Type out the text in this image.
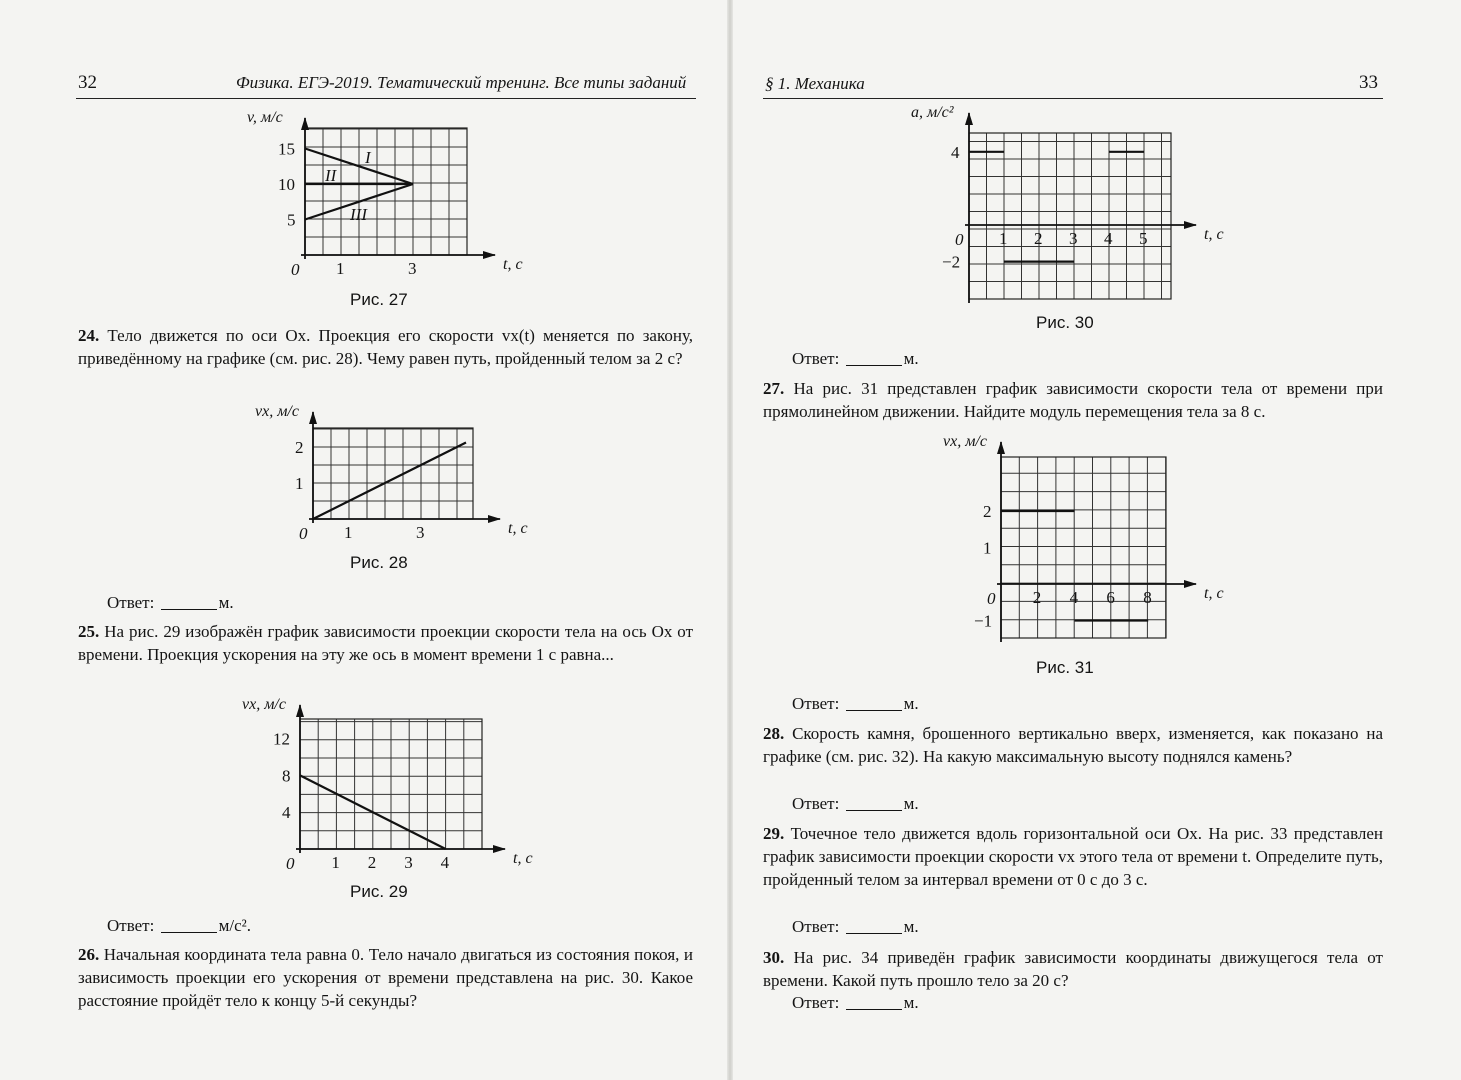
32	Физика. ЕГЭ-2019. Тематический тренинг. Все типы заданий
v, м/с
t, с
0 1	3
5
10
15	I
II
III
Рис. 27
24. Тело движется по оси Ox. Проекция его скорости vx(t) меняется по закону, приведённому на графике (см. рис. 28). Чему равен путь, пройденный телом за 2 с?
vx, м/с
t, с
0 1	3
1
2
Рис. 28
Ответ:	м.
25. На рис. 29 изображён график зависимости проекции скорости тела на ось Ox от времени. Проекция ускорения на эту же ось в момент времени 1 с равна...
vx, м/с
t, с
0 1 2 3 4
4
8
12
Рис. 29
Ответ:	м/с².
26. Начальная координата тела равна 0. Тело начало двигаться из состояния покоя, и зависимость проекции его ускорения от времени представлена на рис. 30. Какое расстояние пройдёт тело к концу 5-й секунды?
§ 1. Механика	33
a, м/с²
t, с
0 1 2 3 4 5
4
−2
Рис. 30
Ответ:	м.
27. На рис. 31 представлен график зависимости скорости тела от времени при прямолинейном движении. Найдите модуль перемещения тела за 8 с.
vx, м/с
t, с
0 2 4 6 8
1
2
−1
Рис. 31
Ответ:	м.
28. Скорость камня, брошенного вертикально вверх, изменяется, как показано на графике (см. рис. 32). На какую максимальную высоту поднялся камень?
Ответ:	м.
29. Точечное тело движется вдоль горизонтальной оси Ox. На рис. 33 представлен график зависимости проекции скорости vx этого тела от времени t. Определите путь, пройденный телом за интервал времени от 0 с до 3 с.
Ответ:	м.
30. На рис. 34 приведён график зависимости координаты движущегося тела от времени. Какой путь прошло тело за 20 с?
Ответ:	м.
